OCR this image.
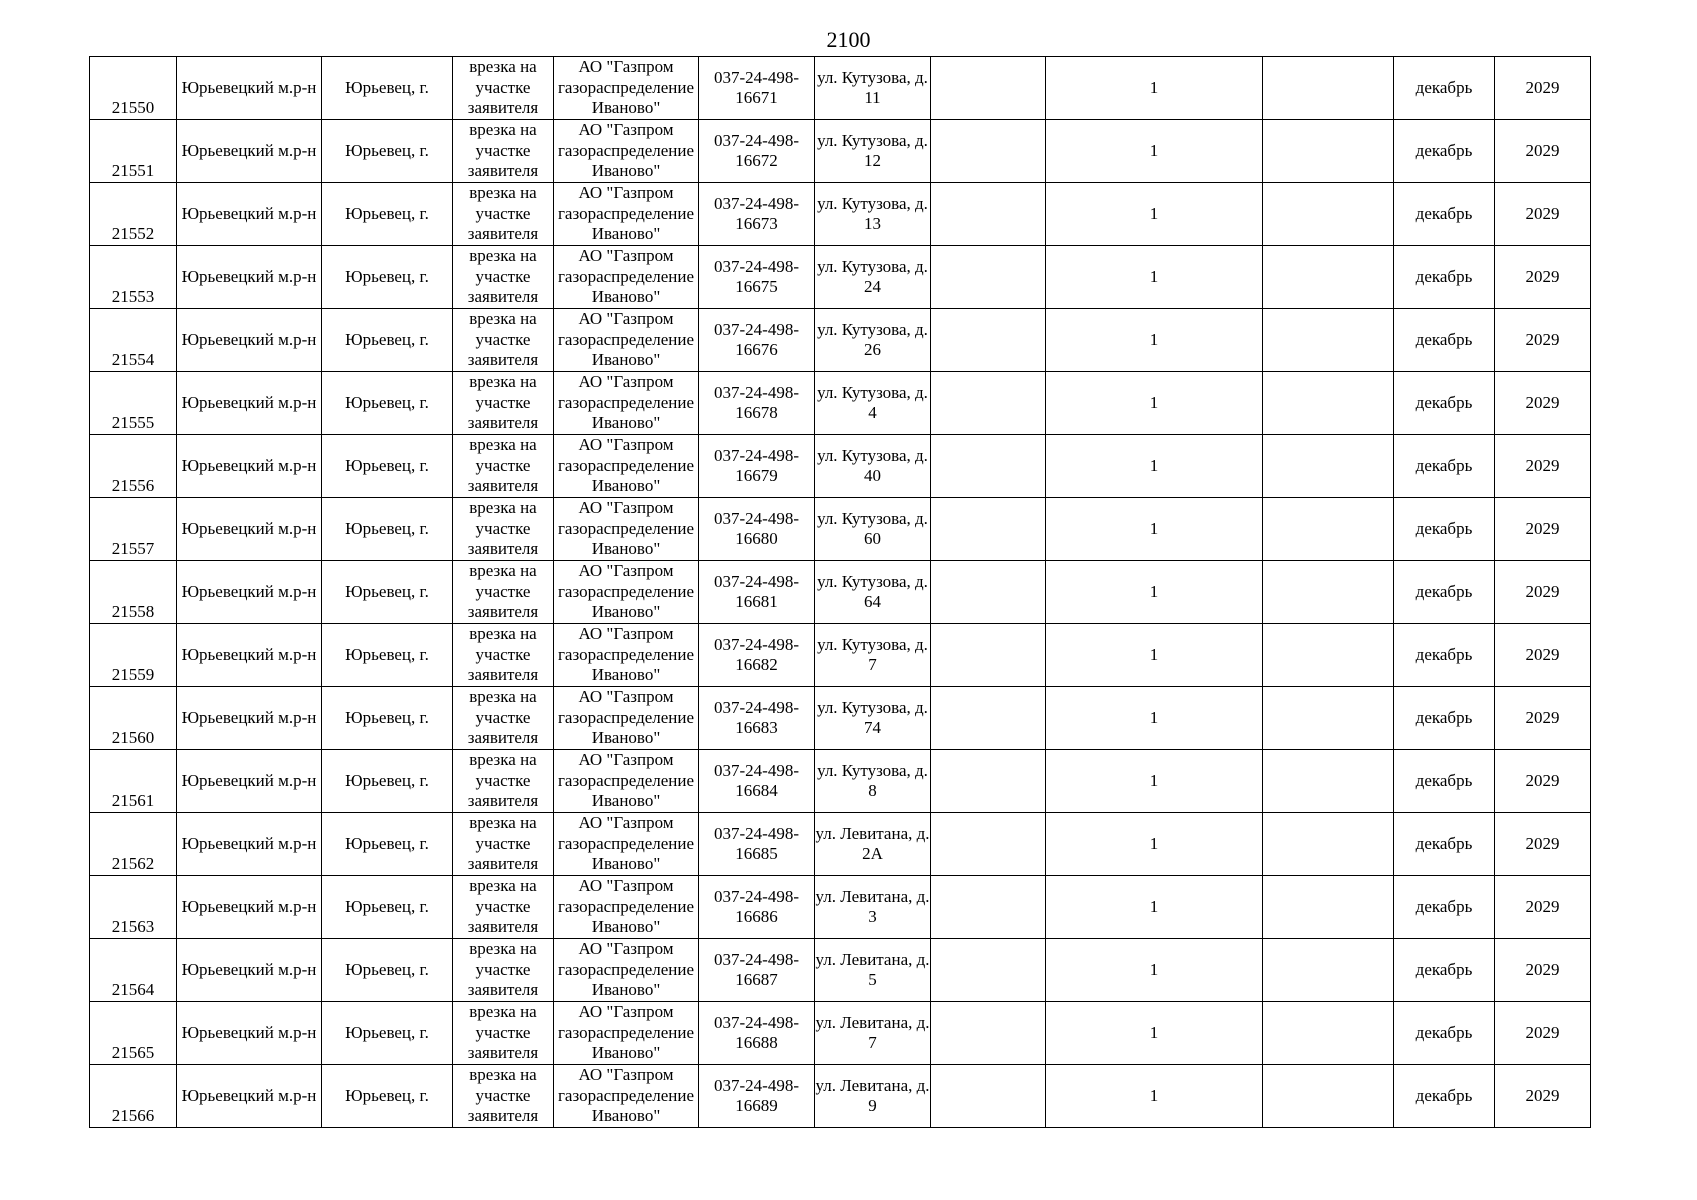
2100
21550	Юрьевецкий м.р-н	Юрьевец, г.	врезка на участке заявителя	АО "Газпром газораспределение Иваново"	037-24-498-16671	ул. Кутузова, д. 11		1		декабрь	2029

21551	Юрьевецкий м.р-н	Юрьевец, г.	врезка на участке заявителя	АО "Газпром газораспределение Иваново"	037-24-498-16672	ул. Кутузова, д. 12		1		декабрь	2029

21552	Юрьевецкий м.р-н	Юрьевец, г.	врезка на участке заявителя	АО "Газпром газораспределение Иваново"	037-24-498-16673	ул. Кутузова, д. 13		1		декабрь	2029

21553	Юрьевецкий м.р-н	Юрьевец, г.	врезка на участке заявителя	АО "Газпром газораспределение Иваново"	037-24-498-16675	ул. Кутузова, д. 24		1		декабрь	2029

21554	Юрьевецкий м.р-н	Юрьевец, г.	врезка на участке заявителя	АО "Газпром газораспределение Иваново"	037-24-498-16676	ул. Кутузова, д. 26		1		декабрь	2029

21555	Юрьевецкий м.р-н	Юрьевец, г.	врезка на участке заявителя	АО "Газпром газораспределение Иваново"	037-24-498-16678	ул. Кутузова, д. 4		1		декабрь	2029

21556	Юрьевецкий м.р-н	Юрьевец, г.	врезка на участке заявителя	АО "Газпром газораспределение Иваново"	037-24-498-16679	ул. Кутузова, д. 40		1		декабрь	2029

21557	Юрьевецкий м.р-н	Юрьевец, г.	врезка на участке заявителя	АО "Газпром газораспределение Иваново"	037-24-498-16680	ул. Кутузова, д. 60		1		декабрь	2029

21558	Юрьевецкий м.р-н	Юрьевец, г.	врезка на участке заявителя	АО "Газпром газораспределение Иваново"	037-24-498-16681	ул. Кутузова, д. 64		1		декабрь	2029

21559	Юрьевецкий м.р-н	Юрьевец, г.	врезка на участке заявителя	АО "Газпром газораспределение Иваново"	037-24-498-16682	ул. Кутузова, д. 7		1		декабрь	2029

21560	Юрьевецкий м.р-н	Юрьевец, г.	врезка на участке заявителя	АО "Газпром газораспределение Иваново"	037-24-498-16683	ул. Кутузова, д. 74		1		декабрь	2029

21561	Юрьевецкий м.р-н	Юрьевец, г.	врезка на участке заявителя	АО "Газпром газораспределение Иваново"	037-24-498-16684	ул. Кутузова, д. 8		1		декабрь	2029

21562	Юрьевецкий м.р-н	Юрьевец, г.	врезка на участке заявителя	АО "Газпром газораспределение Иваново"	037-24-498-16685	ул. Левитана, д. 2А		1		декабрь	2029

21563	Юрьевецкий м.р-н	Юрьевец, г.	врезка на участке заявителя	АО "Газпром газораспределение Иваново"	037-24-498-16686	ул. Левитана, д. 3		1		декабрь	2029

21564	Юрьевецкий м.р-н	Юрьевец, г.	врезка на участке заявителя	АО "Газпром газораспределение Иваново"	037-24-498-16687	ул. Левитана, д. 5		1		декабрь	2029

21565	Юрьевецкий м.р-н	Юрьевец, г.	врезка на участке заявителя	АО "Газпром газораспределение Иваново"	037-24-498-16688	ул. Левитана, д. 7		1		декабрь	2029

21566	Юрьевецкий м.р-н	Юрьевец, г.	врезка на участке заявителя	АО "Газпром газораспределение Иваново"	037-24-498-16689	ул. Левитана, д. 9		1		декабрь	2029
